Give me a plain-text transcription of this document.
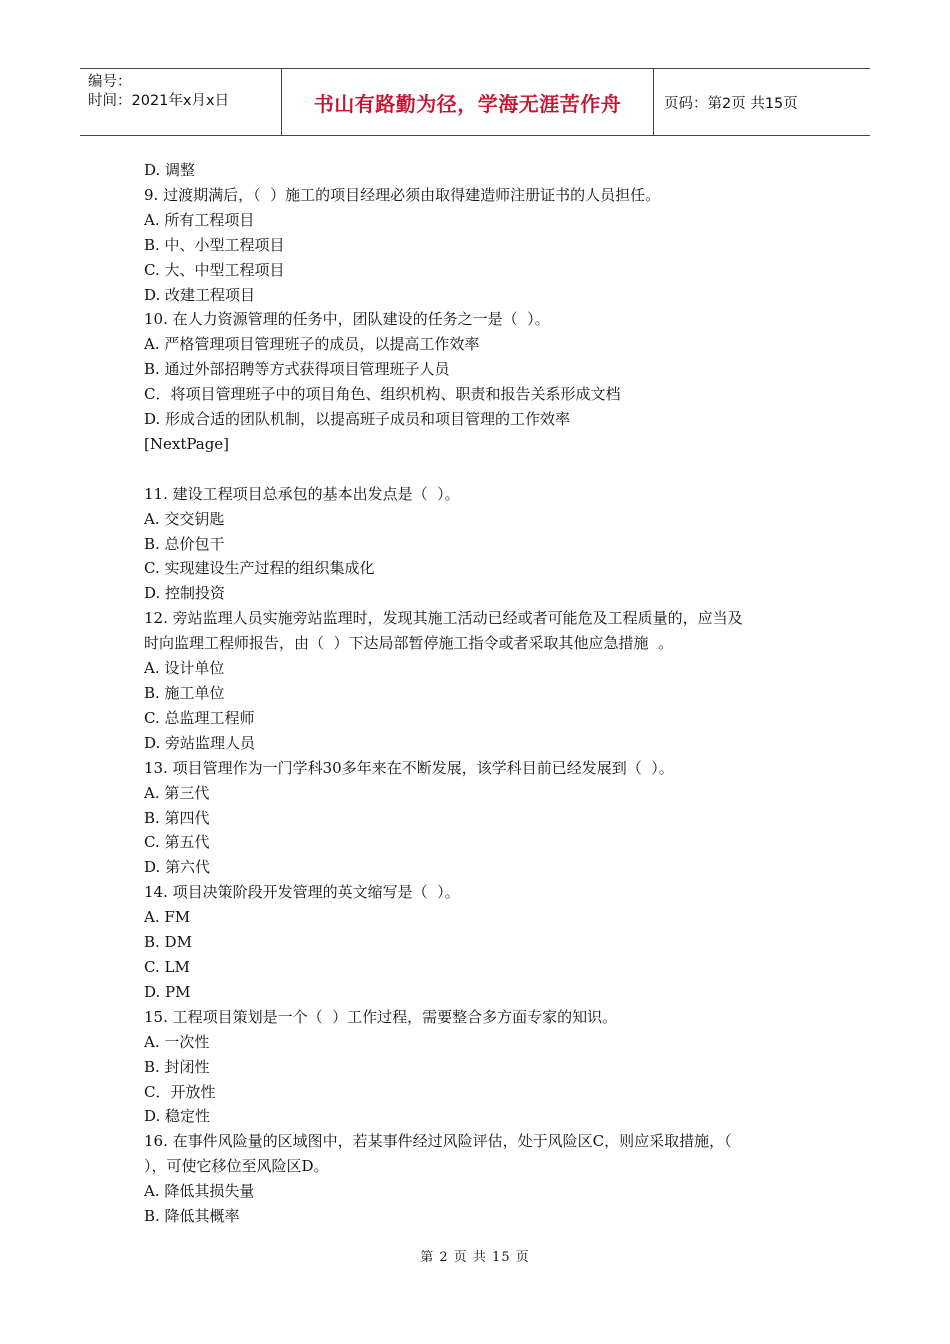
编号：
时间：2021年x月x日	书山有路勤为径，学海无涯苦作舟	页码：第2页 共15页

D. 调整

9. 过渡期满后，（  ）施工的项目经理必须由取得建造师注册证书的人员担任。

A. 所有工程项目

B. 中、小型工程项目

C. 大、中型工程项目

D. 改建工程项目

10. 在人力资源管理的任务中，团队建设的任务之一是（  ）。

A. 严格管理项目管理班子的成员，以提高工作效率

B. 通过外部招聘等方式获得项目管理班子人员

C．将项目管理班子中的项目角色、组织机构、职责和报告关系形成文档

D. 形成合适的团队机制，以提高班子成员和项目管理的工作效率

[NextPage]

11. 建设工程项目总承包的基本出发点是（  ）。

A. 交交钥匙

B. 总价包干

C. 实现建设生产过程的组织集成化

D. 控制投资

12. 旁站监理人员实施旁站监理时，发现其施工活动已经或者可能危及工程质量的，应当及

时向监理工程师报告，由（  ）下达局部暂停施工指令或者采取其他应急措施  。

A. 设计单位

B. 施工单位

C. 总监理工程师

D. 旁站监理人员

13. 项目管理作为一门学科30多年来在不断发展，该学科目前已经发展到（  ）。

A. 第三代

B. 第四代

C. 第五代

D. 第六代

14. 项目决策阶段开发管理的英文缩写是（  ）。

A. FM

B. DM

C. LM

D. PM

15. 工程项目策划是一个（  ）工作过程，需要整合多方面专家的知识。

A. 一次性

B. 封闭性

C．开放性

D. 稳定性

16. 在事件风险量的区域图中，若某事件经过风险评估，处于风险区C，则应采取措施，（

），可使它移位至风险区D。

A. 降低其损失量

B. 降低其概率

第 2 页 共 15 页
